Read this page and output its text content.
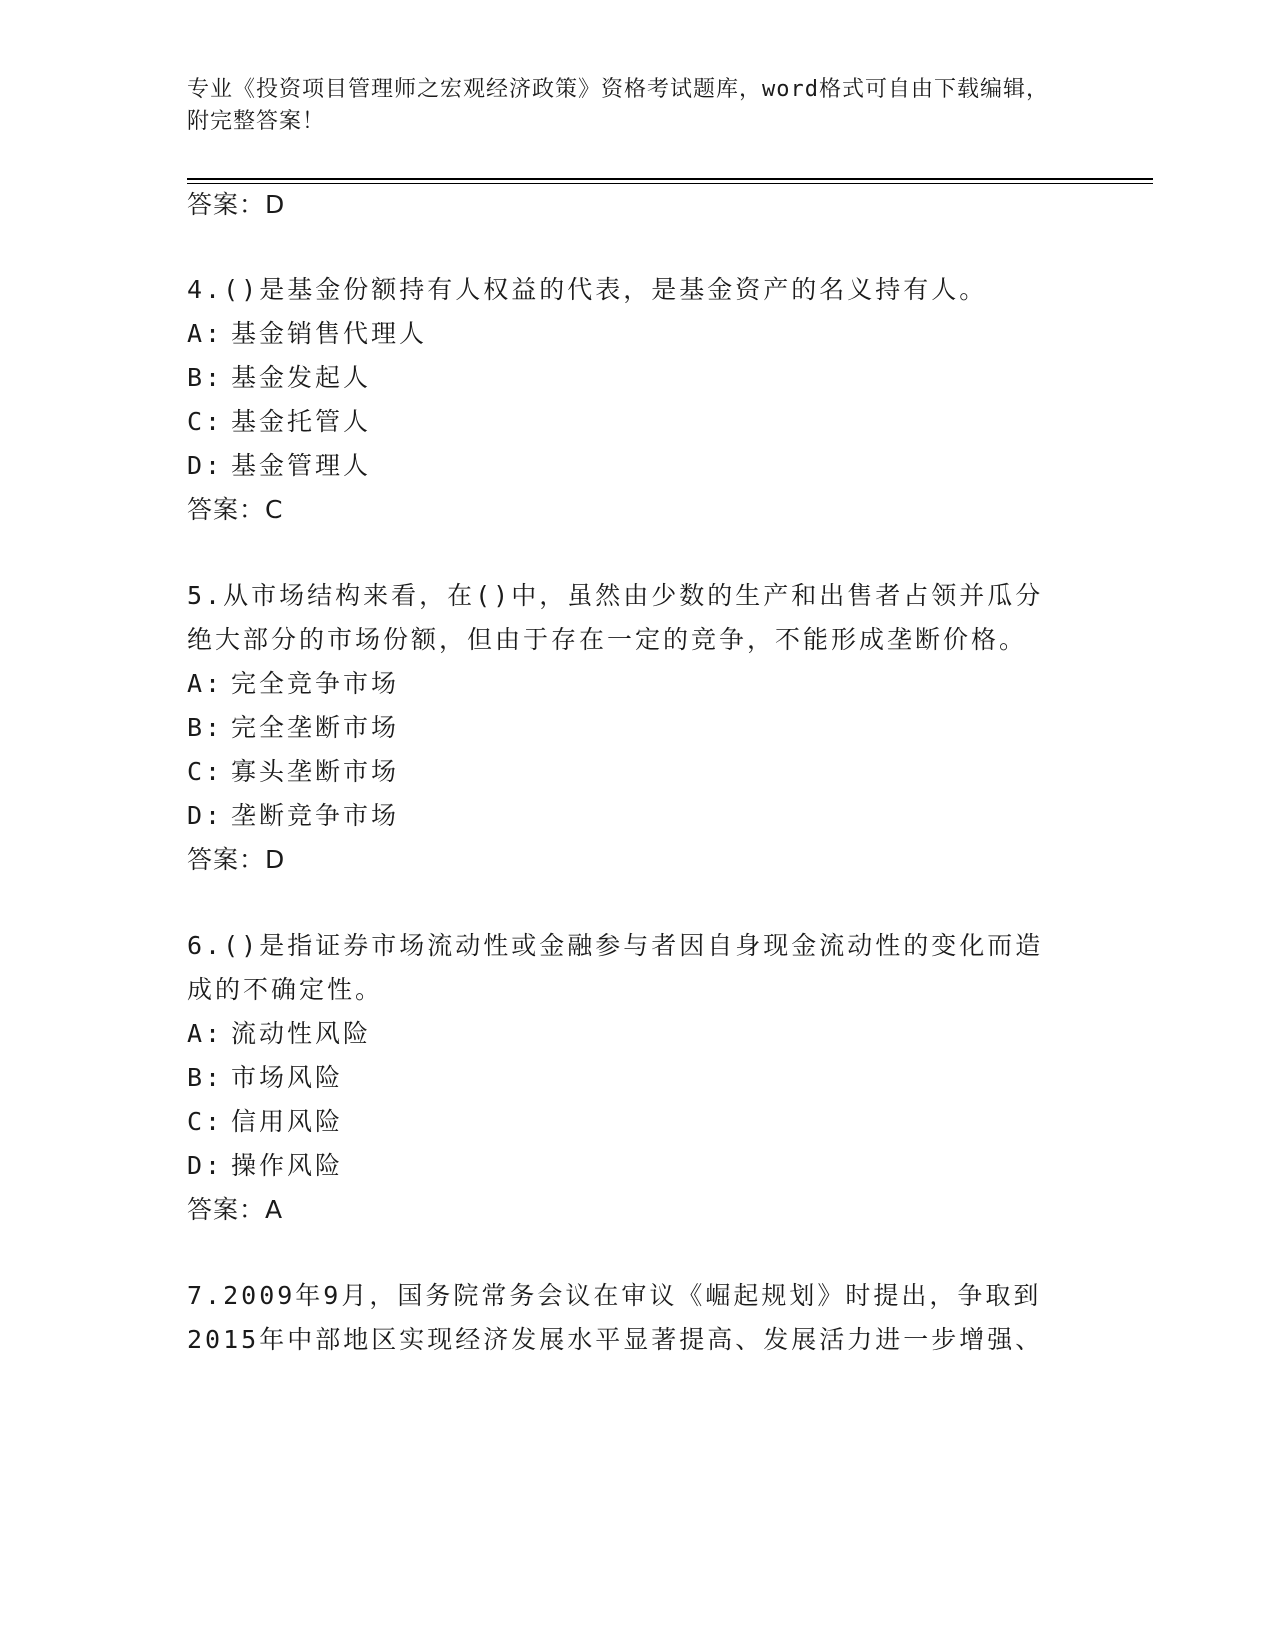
专业《投资项目管理师之宏观经济政策》资格考试题库，word格式可自由下载编辑，附完整答案！
答案：D
4.()是基金份额持有人权益的代表，是基金资产的名义持有人。
A: 基金销售代理人
B: 基金发起人
C: 基金托管人
D: 基金管理人
答案：C
5.从市场结构来看，在()中，虽然由少数的生产和出售者占领并瓜分
绝大部分的市场份额，但由于存在一定的竞争，不能形成垄断价格。
A: 完全竞争市场
B: 完全垄断市场
C: 寡头垄断市场
D: 垄断竞争市场
答案：D
6.()是指证券市场流动性或金融参与者因自身现金流动性的变化而造
成的不确定性。
A: 流动性风险
B: 市场风险
C: 信用风险
D: 操作风险
答案：A
7.2009年9月，国务院常务会议在审议《崛起规划》时提出，争取到
2015年中部地区实现经济发展水平显著提高、发展活力进一步增强、
